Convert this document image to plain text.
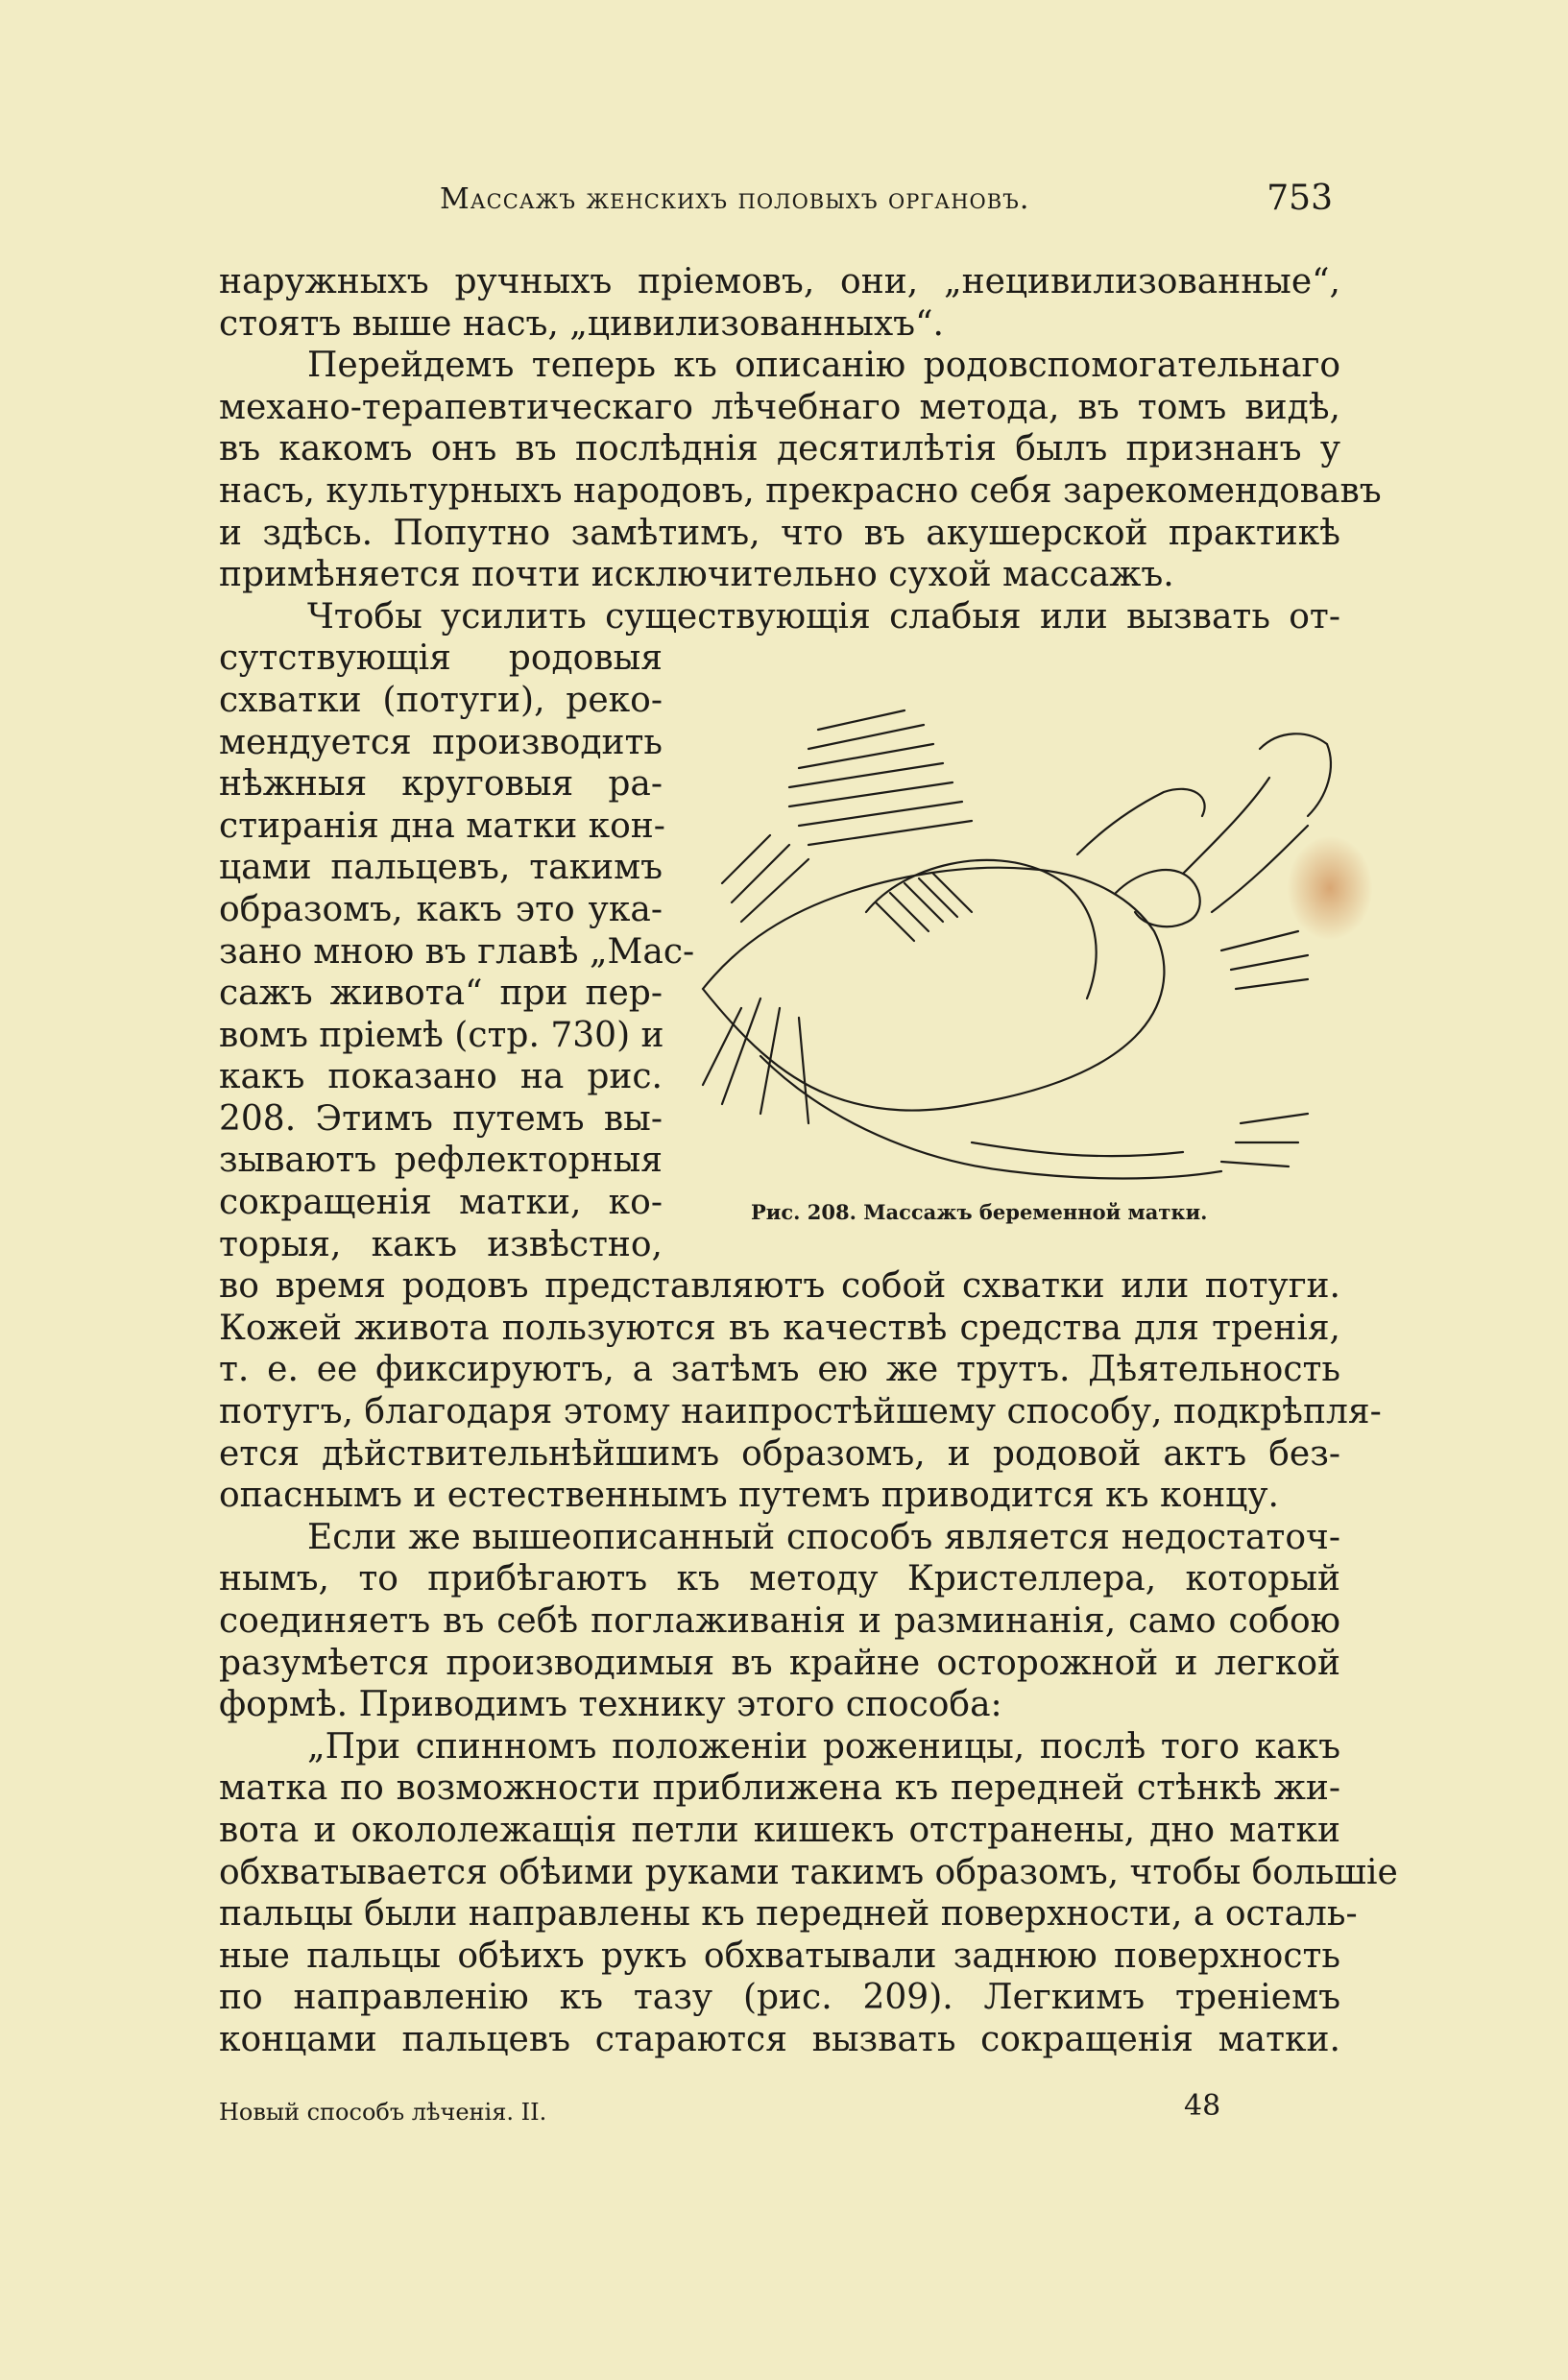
Массажъ женскихъ половыхъ органовъ.	753
наружныхъ ручныхъ прiемовъ, они, „нецивилизованные“,
стоятъ выше насъ, „цивилизованныхъ“.
Перейдемъ теперь къ описанiю родовспомогательнаго
механо-терапевтическаго лѣчебнаго метода, въ томъ видѣ,
въ какомъ онъ въ послѣднiя десятилѣтiя былъ признанъ у
насъ, культурныхъ народовъ, прекрасно себя зарекомендовавъ
и здѣсь. Попутно замѣтимъ, что въ акушерской практикѣ
примѣняется почти исключительно сухой массажъ.
Чтобы усилить существующiя слабыя или вызвать от-
сутствующiя родовыя
схватки (потуги), реко-
мендуется производить
нѣжныя круговыя ра-
стиранiя дна матки кон-
цами пальцевъ, такимъ
образомъ, какъ это ука-
зано мною въ главѣ „Мас-
сажъ живота“ при пер-
вомъ прiемѣ (стр. 730) и
какъ показано на рис.
208. Этимъ путемъ вы-
зываютъ рефлекторныя
сокращенiя матки, ко-
торыя, какъ извѣстно,
во время родовъ представляютъ собой схватки или потуги.
Кожей живота пользуются въ качествѣ средства для тренiя,
т. е. ее фиксируютъ, а затѣмъ ею же трутъ. Дѣятельность
потугъ, благодаря этому наипростѣйшему способу, подкрѣпля-
ется дѣйствительнѣйшимъ образомъ, и родовой актъ без-
опаснымъ и естественнымъ путемъ приводится къ концу.
Если же вышеописанный способъ является недостаточ-
нымъ, то прибѣгаютъ къ методу Кристеллера, который
соединяетъ въ себѣ поглаживанiя и разминанiя, само собою
разумѣется производимыя въ крайне осторожной и легкой
формѣ. Приводимъ технику этого способа:
„При спинномъ положенiи роженицы, послѣ того какъ
матка по возможности приближена къ передней стѣнкѣ жи-
вота и окололежащiя петли кишекъ отстранены, дно матки
обхватывается обѣими руками такимъ образомъ, чтобы большiе
пальцы были направлены къ передней поверхности, а осталь-
ные пальцы обѣихъ рукъ обхватывали заднюю поверхность
по направленiю къ тазу (рис. 209). Легкимъ тренiемъ
концами пальцевъ стараются вызвать сокращенiя матки.
Рис. 208. Массажъ беременной матки.
Новый способъ лѣченiя. II.	48
